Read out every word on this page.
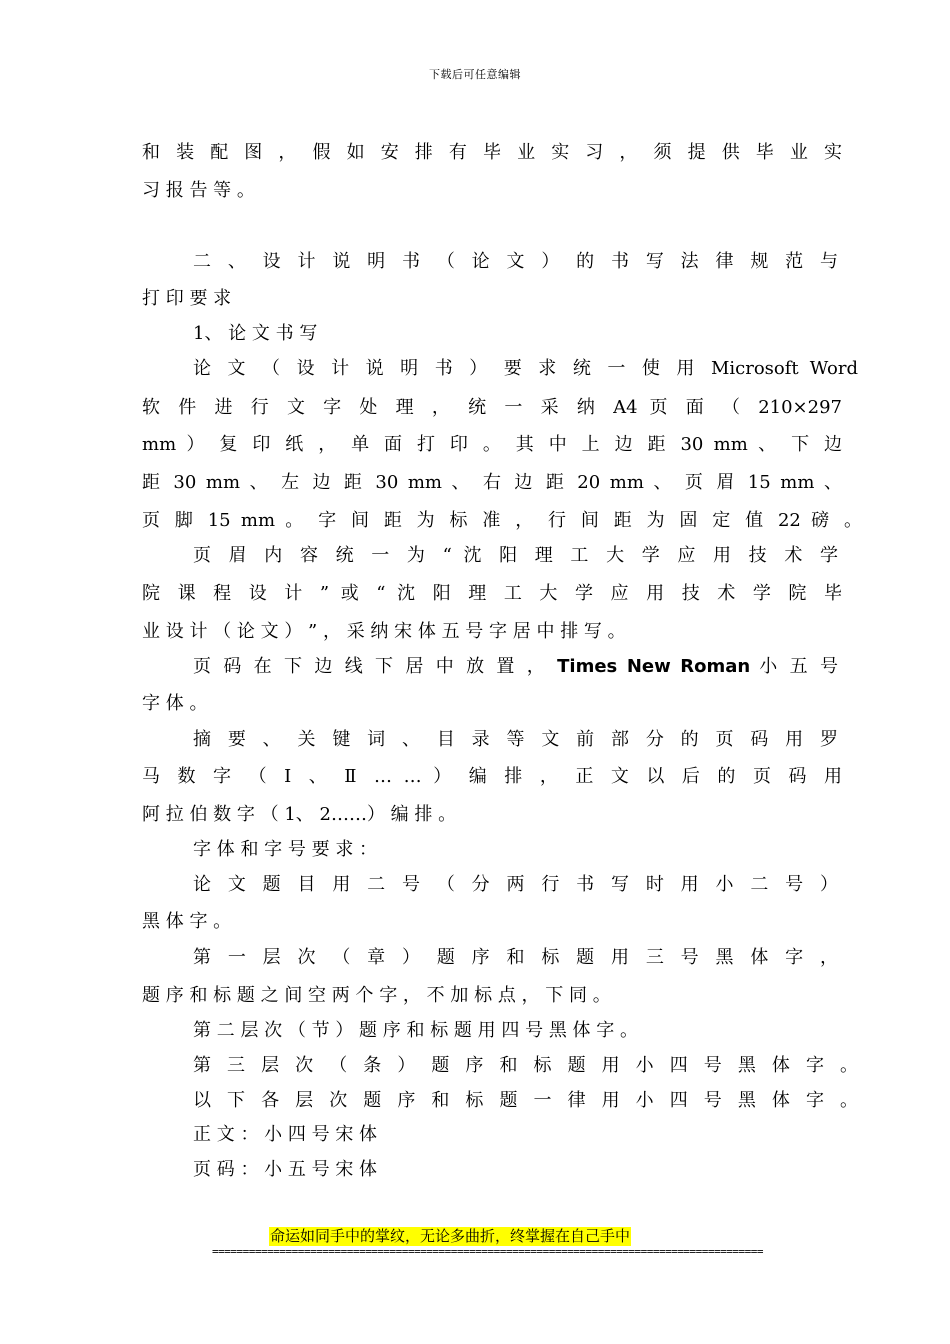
下载后可任意编辑
和 装 配 图 ， 假 如 安 排 有 毕 业 实 习 ， 须 提 供 毕 业 实
习 报 告 等 。
二 、 设 计 说 明 书 （ 论 文 ） 的 书 写 法 律 规 范 与
打 印 要 求
1、 论 文 书 写
论 文 （ 设 计 说 明 书 ） 要 求 统 一 使 用 Microsoft Word
软 件 进 行 文 字 处 理 ， 统 一 采 纳 A4 页 面 （ 210×297
mm ） 复 印 纸 ， 单 面 打 印 。 其 中 上 边 距 30 mm 、 下 边
距 30 mm 、 左 边 距 30 mm 、 右 边 距 20 mm 、 页 眉 15 mm 、
页 脚 15 mm 。 字 间 距 为 标 准 ， 行 间 距 为 固 定 值 22 磅 。
页 眉 内 容 统 一 为 “ 沈 阳 理 工 大 学 应 用 技 术 学
院 课 程 设 计 ” 或 “ 沈 阳 理 工 大 学 应 用 技 术 学 院 毕
业 设 计 （ 论 文 ） ” ， 采 纳 宋 体 五 号 字 居 中 排 写 。
页 码 在 下 边 线 下 居 中 放 置 ， Times New Roman 小 五 号
字 体 。
摘 要 、 关 键 词 、 目 录 等 文 前 部 分 的 页 码 用 罗
马 数 字 （ Ⅰ 、 Ⅱ … … ） 编 排 ， 正 文 以 后 的 页 码 用
阿 拉 伯 数 字 （ 1、 2……） 编 排 。
字 体 和 字 号 要 求 ：
论 文 题 目 用 二 号 （ 分 两 行 书 写 时 用 小 二 号 ）
黑 体 字 。
第 一 层 次 （ 章 ） 题 序 和 标 题 用 三 号 黑 体 字 ，
题 序 和 标 题 之 间 空 两 个 字 ， 不 加 标 点 ， 下 同 。
第 二 层 次 （ 节 ） 题 序 和 标 题 用 四 号 黑 体 字 。
第 三 层 次 （ 条 ） 题 序 和 标 题 用 小 四 号 黑 体 字 。
以 下 各 层 次 题 序 和 标 题 一 律 用 小 四 号 黑 体 字 。
正 文 ： 小 四 号 宋 体
页 码 ： 小 五 号 宋 体
命运如同手中的掌纹，无论多曲折，终掌握在自己手中
==========================================================================================
